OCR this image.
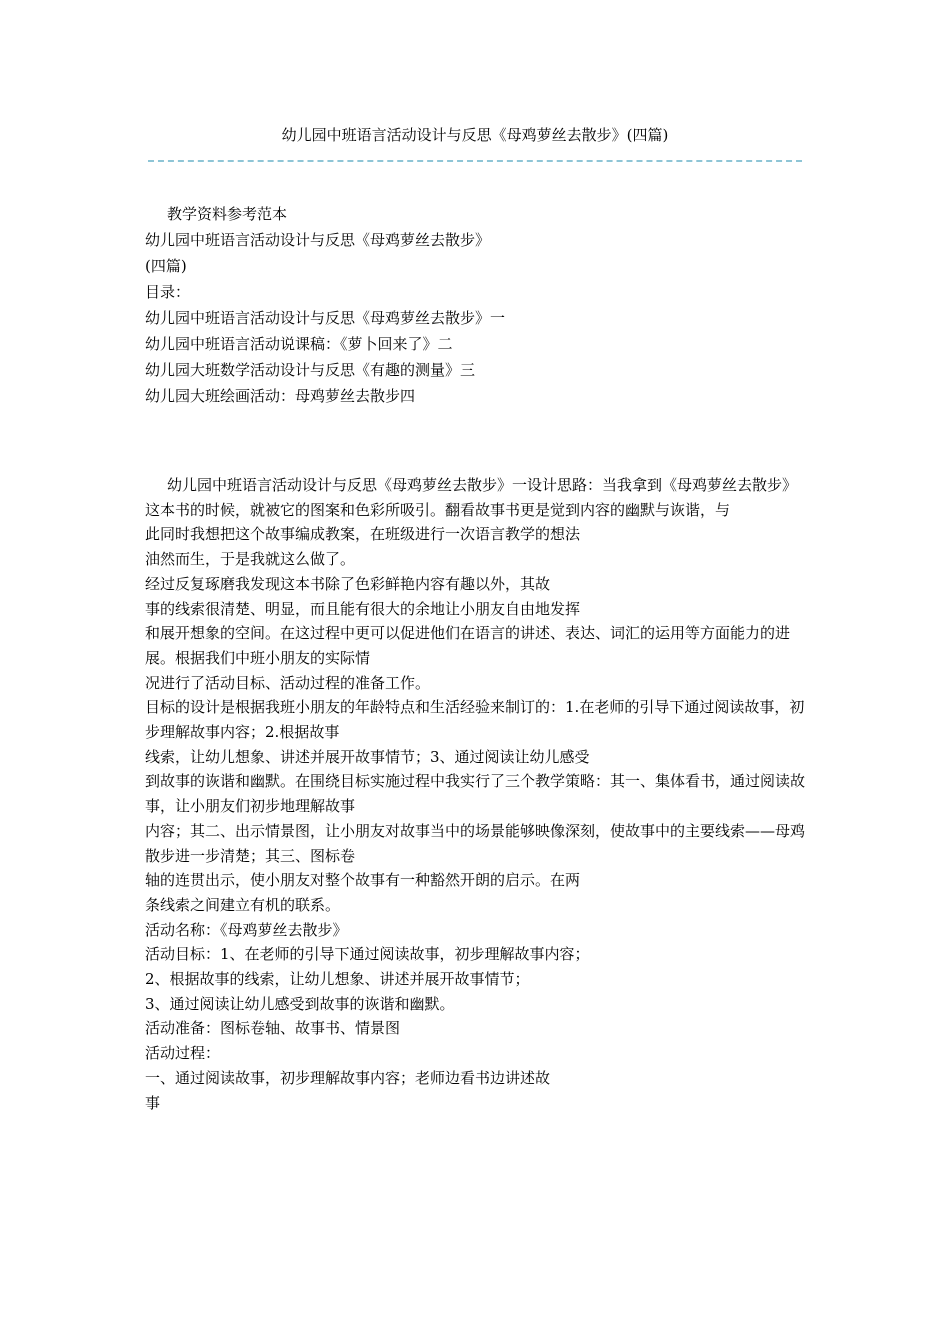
幼儿园中班语言活动设计与反思《母鸡萝丝去散步》(四篇)

教学资料参考范本

幼儿园中班语言活动设计与反思《母鸡萝丝去散步》

(四篇)

目录：

幼儿园中班语言活动设计与反思《母鸡萝丝去散步》一

幼儿园中班语言活动说课稿：《萝卜回来了》二

幼儿园大班数学活动设计与反思《有趣的测量》三

幼儿园大班绘画活动：母鸡萝丝去散步四

幼儿园中班语言活动设计与反思《母鸡萝丝去散步》一设计思路：当我拿到《母鸡萝丝去散步》这本书的时候，就被它的图案和色彩所吸引。翻看故事书更是觉到内容的幽默与诙谐，与

此同时我想把这个故事编成教案，在班级进行一次语言教学的想法

油然而生，于是我就这么做了。

经过反复琢磨我发现这本书除了色彩鲜艳内容有趣以外，其故

事的线索很清楚、明显，而且能有很大的余地让小朋友自由地发挥

和展开想象的空间。在这过程中更可以促进他们在语言的讲述、表达、词汇的运用等方面能力的进展。根据我们中班小朋友的实际情

况进行了活动目标、活动过程的准备工作。

目标的设计是根据我班小朋友的年龄特点和生活经验来制订的：1.在老师的引导下通过阅读故事，初步理解故事内容；2.根据故事

线索，让幼儿想象、讲述并展开故事情节；3、通过阅读让幼儿感受

到故事的诙谐和幽默。在围绕目标实施过程中我实行了三个教学策略：其一、集体看书，通过阅读故事，让小朋友们初步地理解故事

内容；其二、出示情景图，让小朋友对故事当中的场景能够映像深刻，使故事中的主要线索——母鸡散步进一步清楚；其三、图标卷

轴的连贯出示，使小朋友对整个故事有一种豁然开朗的启示。在两

条线索之间建立有机的联系。

活动名称：《母鸡萝丝去散步》

活动目标：1、在老师的引导下通过阅读故事，初步理解故事内容；

2、根据故事的线索，让幼儿想象、讲述并展开故事情节；

3、通过阅读让幼儿感受到故事的诙谐和幽默。

活动准备：图标卷轴、故事书、情景图

活动过程：

一、通过阅读故事，初步理解故事内容；老师边看书边讲述故

事
